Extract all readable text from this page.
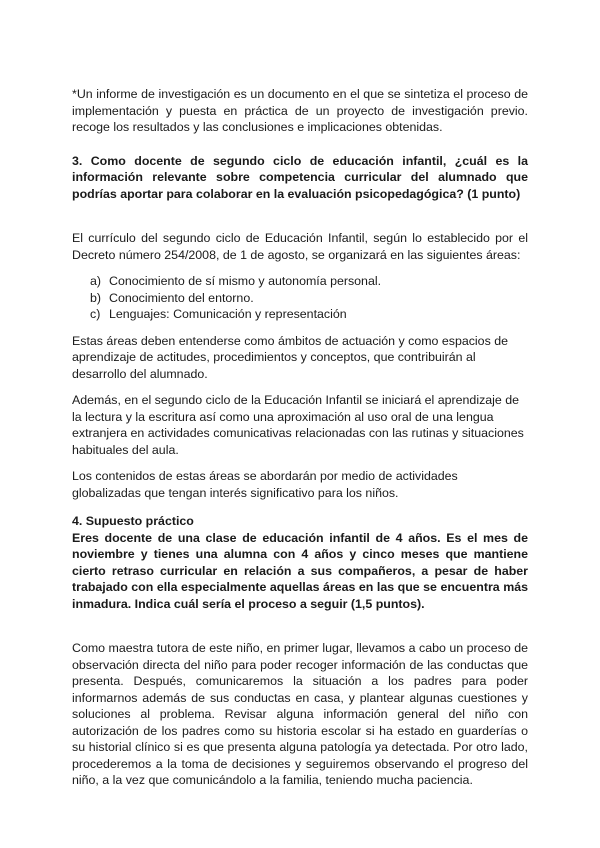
*Un informe de investigación es un documento en el que se sintetiza el proceso de implementación y puesta en práctica de un proyecto de investigación previo. recoge los resultados y las conclusiones e implicaciones obtenidas.

3. Como docente de segundo ciclo de educación infantil, ¿cuál es la información relevante sobre competencia curricular del alumnado que podrías aportar para colaborar en la evaluación psicopedagógica? (1 punto)

El currículo del segundo ciclo de Educación Infantil, según lo establecido por el Decreto número 254/2008, de 1 de agosto, se organizará en las siguientes áreas:

a) Conocimiento de sí mismo y autonomía personal.
b) Conocimiento del entorno.
c) Lenguajes: Comunicación y representación

Estas áreas deben entenderse como ámbitos de actuación y como espacios de aprendizaje de actitudes, procedimientos y conceptos, que contribuirán al desarrollo del alumnado.

Además, en el segundo ciclo de la Educación Infantil se iniciará el aprendizaje de la lectura y la escritura así como una aproximación al uso oral de una lengua extranjera en actividades comunicativas relacionadas con las rutinas y situaciones habituales del aula.

Los contenidos de estas áreas se abordarán por medio de actividades globalizadas que tengan interés significativo para los niños.

4. Supuesto práctico

Eres docente de una clase de educación infantil de 4 años. Es el mes de noviembre y tienes una alumna con 4 años y cinco meses que mantiene cierto retraso curricular en relación a sus compañeros, a pesar de haber trabajado con ella especialmente aquellas áreas en las que se encuentra más inmadura. Indica cuál sería el proceso a seguir (1,5 puntos).

Como maestra tutora de este niño, en primer lugar, llevamos a cabo un proceso de observación directa del niño para poder recoger información de las conductas que presenta. Después, comunicaremos la situación a los padres para poder informarnos además de sus conductas en casa, y plantear algunas cuestiones y soluciones al problema. Revisar alguna información general del niño con autorización de los padres como su historia escolar si ha estado en guarderías o su historial clínico si es que presenta alguna patología ya detectada. Por otro lado, procederemos a la toma de decisiones y seguiremos observando el progreso del niño, a la vez que comunicándolo a la familia, teniendo mucha paciencia.
